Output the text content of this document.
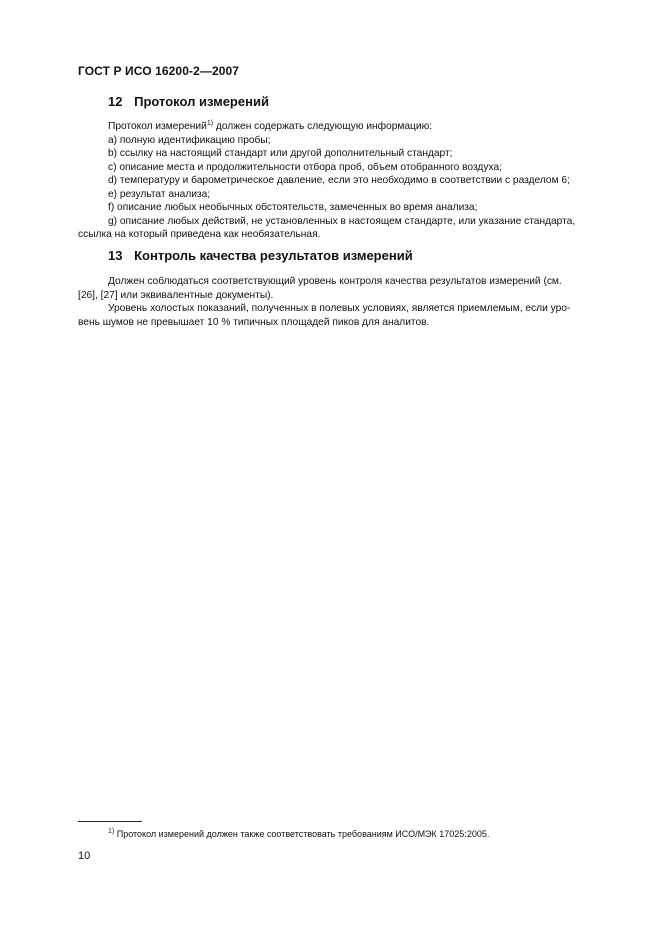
ГОСТ Р ИСО 16200-2—2007
12 Протокол измерений
Протокол измерений$^{1)}$ должен содержать следующую информацию:
a) полную идентификацию пробы;
b) ссылку на настоящий стандарт или другой дополнительный стандарт;
c) описание места и продолжительности отбора проб, объем отобранного воздуха;
d) температуру и барометрическое давление, если это необходимо в соответствии с разделом 6;
e) результат анализа;
f) описание любых необычных обстоятельств, замеченных во время анализа;
g) описание любых действий, не установленных в настоящем стандарте, или указание стандарта,
ссылка на который приведена как необязательная.
13 Контроль качества результатов измерений
Должен соблюдаться соответствующий уровень контроля качества результатов измерений (см.
[26], [27] или эквивалентные документы).
Уровень холостых показаний, полученных в полевых условиях, является приемлемым, если уро-
вень шумов не превышает 10 % типичных площадей пиков для аналитов.
$^{1)}$ Протокол измерений должен также соответствовать требованиям ИСО/МЭК 17025:2005.
10
